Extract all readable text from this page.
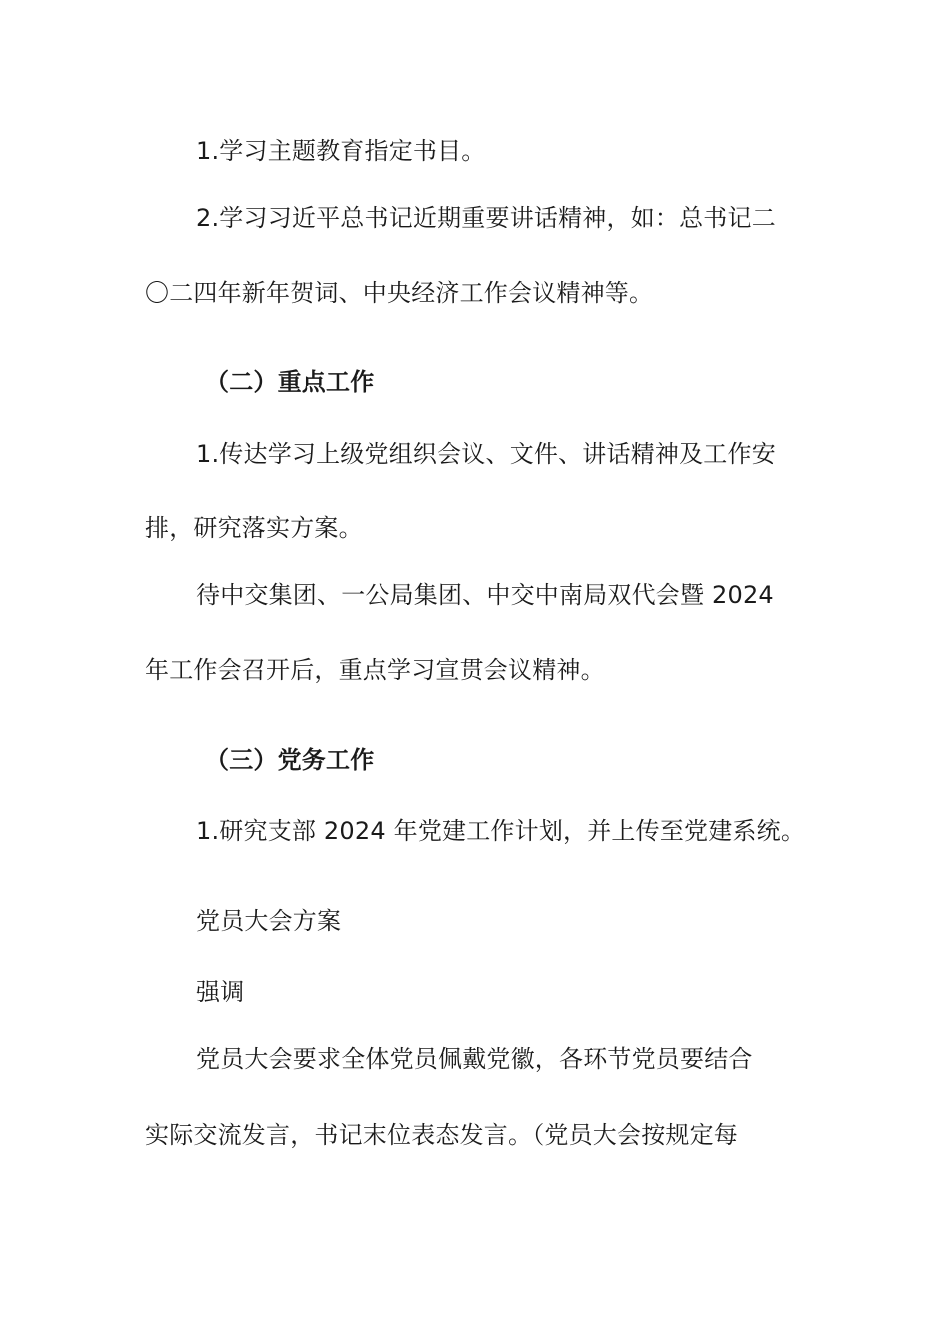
1.学习主题教育指定书目。
2.学习习近平总书记近期重要讲话精神，如：总书记二
〇二四年新年贺词、中央经济工作会议精神等。
（二）重点工作
1.传达学习上级党组织会议、文件、讲话精神及工作安
排，研究落实方案。
待中交集团、一公局集团、中交中南局双代会暨 2024
年工作会召开后，重点学习宣贯会议精神。
（三）党务工作
1.研究支部 2024 年党建工作计划，并上传至党建系统。
党员大会方案
强调
党员大会要求全体党员佩戴党徽，各环节党员要结合
实际交流发言，书记末位表态发言。（党员大会按规定每
